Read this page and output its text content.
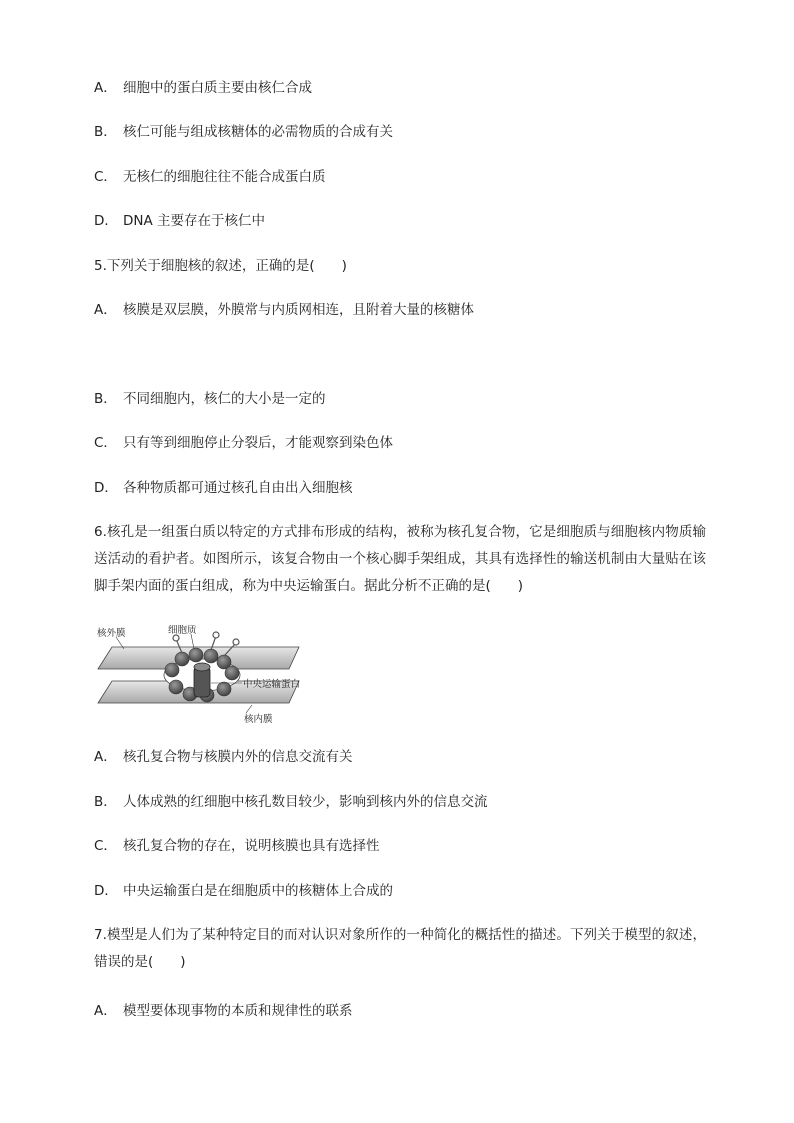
A． 细胞中的蛋白质主要由核仁合成

B． 核仁可能与组成核糖体的必需物质的合成有关

C． 无核仁的细胞往往不能合成蛋白质

D． DNA 主要存在于核仁中

5.下列关于细胞核的叙述，正确的是(　　)

A． 核膜是双层膜，外膜常与内质网相连，且附着大量的核糖体

B． 不同细胞内，核仁的大小是一定的

C． 只有等到细胞停止分裂后，才能观察到染色体

D． 各种物质都可通过核孔自由出入细胞核

6.核孔是一组蛋白质以特定的方式排布形成的结构，被称为核孔复合物，它是细胞质与细胞核内物质输送活动的看护者。如图所示，该复合物由一个核心脚手架组成，其具有选择性的输送机制由大量贴在该脚手架内面的蛋白组成，称为中央运输蛋白。据此分析不正确的是(　　)

核外膜	细胞质
中央运输蛋白
核内膜

A． 核孔复合物与核膜内外的信息交流有关

B． 人体成熟的红细胞中核孔数目较少，影响到核内外的信息交流

C． 核孔复合物的存在，说明核膜也具有选择性

D． 中央运输蛋白是在细胞质中的核糖体上合成的

7.模型是人们为了某种特定目的而对认识对象所作的一种简化的概括性的描述。下列关于模型的叙述，错误的是(　　)

A． 模型要体现事物的本质和规律性的联系
